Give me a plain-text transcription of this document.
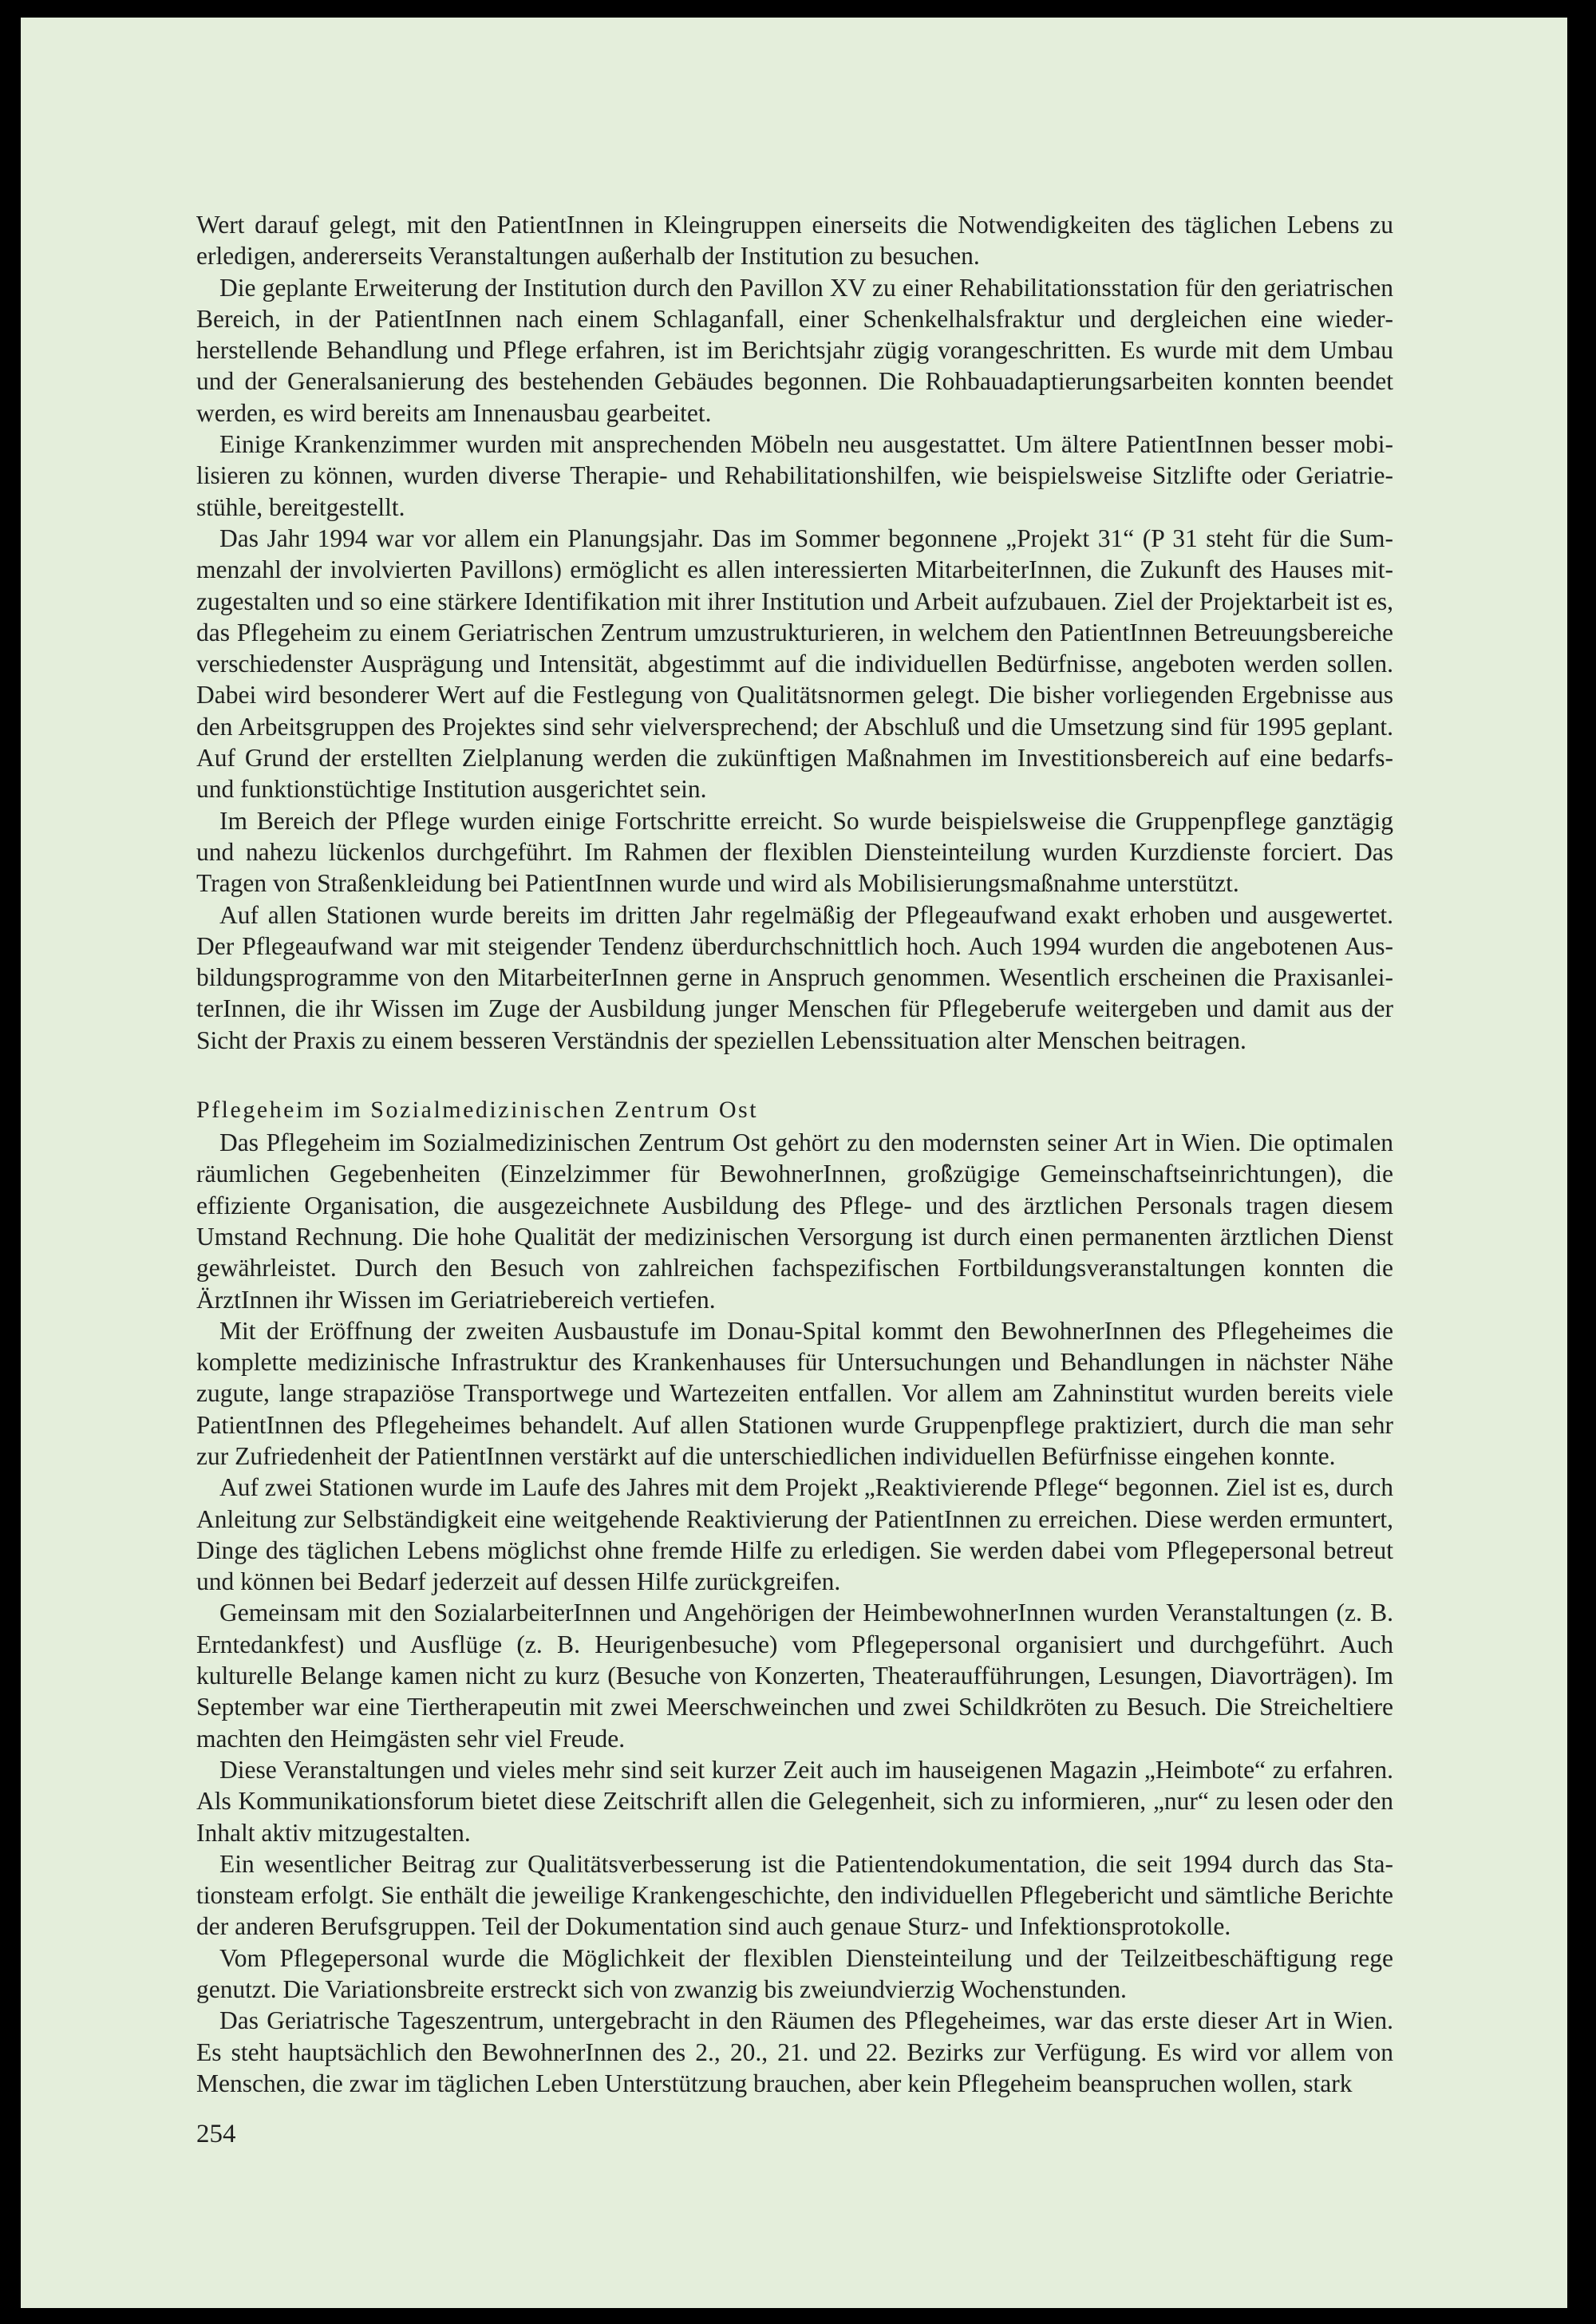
Wert darauf gelegt, mit den PatientInnen in Kleingruppen einerseits die Notwendigkeiten des täglichen Lebens zu erledigen, andererseits Veranstaltungen außerhalb der Institution zu besuchen.

Die geplante Erweiterung der Institution durch den Pavillon XV zu einer Rehabilitationsstation für den geriatrischen Bereich, in der PatientInnen nach einem Schlaganfall, einer Schenkelhalsfraktur und dergleichen eine wiederherstellende Behandlung und Pflege erfahren, ist im Berichtsjahr zügig vorangeschritten. Es wurde mit dem Umbau und der Generalsanierung des bestehenden Gebäudes begonnen. Die Rohbauadaptierungsarbeiten konnten beendet werden, es wird bereits am Innenausbau gearbeitet.

Einige Krankenzimmer wurden mit ansprechenden Möbeln neu ausgestattet. Um ältere PatientInnen besser mobilisieren zu können, wurden diverse Therapie- und Rehabilitationshilfen, wie beispielsweise Sitzlifte oder Geriatriestühle, bereitgestellt.

Das Jahr 1994 war vor allem ein Planungsjahr. Das im Sommer begonnene „Projekt 31“ (P 31 steht für die Summenzahl der involvierten Pavillons) ermöglicht es allen interessierten MitarbeiterInnen, die Zukunft des Hauses mitzugestalten und so eine stärkere Identifikation mit ihrer Institution und Arbeit aufzubauen. Ziel der Projektarbeit ist es, das Pflegeheim zu einem Geriatrischen Zentrum umzustrukturieren, in welchem den PatientInnen Betreuungsbereiche verschiedenster Ausprägung und Intensität, abgestimmt auf die individuellen Bedürfnisse, angeboten werden sollen. Dabei wird besonderer Wert auf die Festlegung von Qualitätsnormen gelegt. Die bisher vorliegenden Ergebnisse aus den Arbeitsgruppen des Projektes sind sehr vielversprechend; der Abschluß und die Umsetzung sind für 1995 geplant. Auf Grund der erstellten Zielplanung werden die zukünftigen Maßnahmen im Investitionsbereich auf eine bedarfs- und funktionstüchtige Institution ausgerichtet sein.

Im Bereich der Pflege wurden einige Fortschritte erreicht. So wurde beispielsweise die Gruppenpflege ganztägig und nahezu lückenlos durchgeführt. Im Rahmen der flexiblen Diensteinteilung wurden Kurzdienste forciert. Das Tragen von Straßenkleidung bei PatientInnen wurde und wird als Mobilisierungsmaßnahme unterstützt.

Auf allen Stationen wurde bereits im dritten Jahr regelmäßig der Pflegeaufwand exakt erhoben und ausgewertet. Der Pflegeaufwand war mit steigender Tendenz überdurchschnittlich hoch. Auch 1994 wurden die angebotenen Ausbildungsprogramme von den MitarbeiterInnen gerne in Anspruch genommen. Wesentlich erscheinen die PraxisanleiterInnen, die ihr Wissen im Zuge der Ausbildung junger Menschen für Pflegeberufe weitergeben und damit aus der Sicht der Praxis zu einem besseren Verständnis der speziellen Lebenssituation alter Menschen beitragen.

Pflegeheim im Sozialmedizinischen Zentrum Ost

Das Pflegeheim im Sozialmedizinischen Zentrum Ost gehört zu den modernsten seiner Art in Wien. Die optimalen räumlichen Gegebenheiten (Einzelzimmer für BewohnerInnen, großzügige Gemeinschaftseinrichtungen), die effiziente Organisation, die ausgezeichnete Ausbildung des Pflege- und des ärztlichen Personals tragen diesem Umstand Rechnung. Die hohe Qualität der medizinischen Versorgung ist durch einen permanenten ärztlichen Dienst gewährleistet. Durch den Besuch von zahlreichen fachspezifischen Fortbildungsveranstaltungen konnten die ÄrztInnen ihr Wissen im Geriatriebereich vertiefen.

Mit der Eröffnung der zweiten Ausbaustufe im Donau-Spital kommt den BewohnerInnen des Pflegeheimes die komplette medizinische Infrastruktur des Krankenhauses für Untersuchungen und Behandlungen in nächster Nähe zugute, lange strapaziöse Transportwege und Wartezeiten entfallen. Vor allem am Zahninstitut wurden bereits viele PatientInnen des Pflegeheimes behandelt. Auf allen Stationen wurde Gruppenpflege praktiziert, durch die man sehr zur Zufriedenheit der PatientInnen verstärkt auf die unterschiedlichen individuellen Befürfnisse eingehen konnte.

Auf zwei Stationen wurde im Laufe des Jahres mit dem Projekt „Reaktivierende Pflege“ begonnen. Ziel ist es, durch Anleitung zur Selbständigkeit eine weitgehende Reaktivierung der PatientInnen zu erreichen. Diese werden ermuntert, Dinge des täglichen Lebens möglichst ohne fremde Hilfe zu erledigen. Sie werden dabei vom Pflegepersonal betreut und können bei Bedarf jederzeit auf dessen Hilfe zurückgreifen.

Gemeinsam mit den SozialarbeiterInnen und Angehörigen der HeimbewohnerInnen wurden Veranstaltungen (z. B. Erntedankfest) und Ausflüge (z. B. Heurigenbesuche) vom Pflegepersonal organisiert und durchgeführt. Auch kulturelle Belange kamen nicht zu kurz (Besuche von Konzerten, Theateraufführungen, Lesungen, Diavorträgen). Im September war eine Tiertherapeutin mit zwei Meerschweinchen und zwei Schildkröten zu Besuch. Die Streicheltiere machten den Heimgästen sehr viel Freude.

Diese Veranstaltungen und vieles mehr sind seit kurzer Zeit auch im hauseigenen Magazin „Heimbote“ zu erfahren. Als Kommunikationsforum bietet diese Zeitschrift allen die Gelegenheit, sich zu informieren, „nur“ zu lesen oder den Inhalt aktiv mitzugestalten.

Ein wesentlicher Beitrag zur Qualitätsverbesserung ist die Patientendokumentation, die seit 1994 durch das Stationsteam erfolgt. Sie enthält die jeweilige Krankengeschichte, den individuellen Pflegebericht und sämtliche Berichte der anderen Berufsgruppen. Teil der Dokumentation sind auch genaue Sturz- und Infektionsprotokolle.

Vom Pflegepersonal wurde die Möglichkeit der flexiblen Diensteinteilung und der Teilzeitbeschäftigung rege genutzt. Die Variationsbreite erstreckt sich von zwanzig bis zweiundvierzig Wochenstunden.

Das Geriatrische Tageszentrum, untergebracht in den Räumen des Pflegeheimes, war das erste dieser Art in Wien. Es steht hauptsächlich den BewohnerInnen des 2., 20., 21. und 22. Bezirks zur Verfügung. Es wird vor allem von Menschen, die zwar im täglichen Leben Unterstützung brauchen, aber kein Pflegeheim beanspruchen wollen, stark

254
